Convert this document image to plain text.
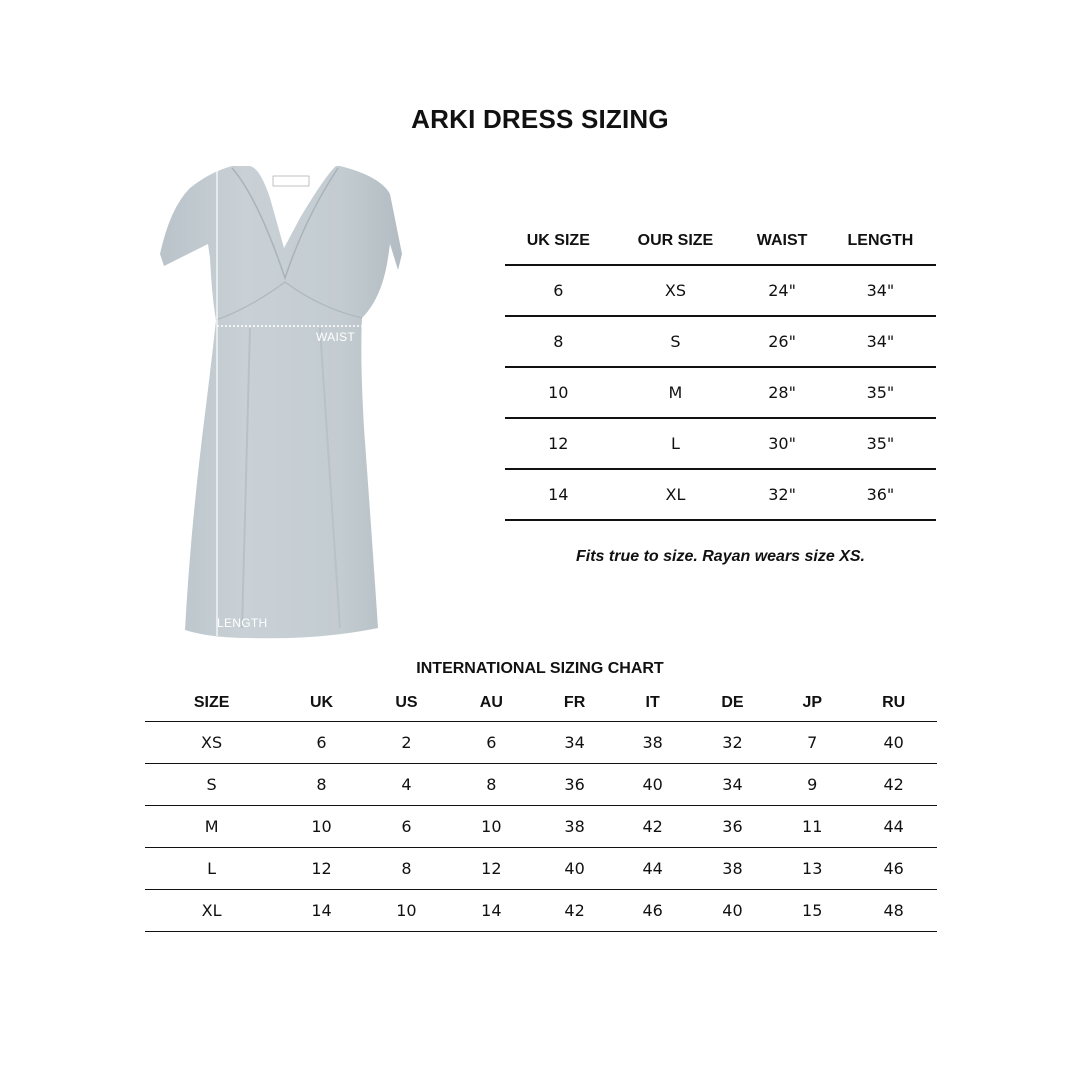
ARKI DRESS SIZING
WAIST
LENGTH
UK SIZE	OUR SIZE	WAIST	LENGTH
6	XS	24"	34"
8	S	26"	34"
10	M	28"	35"
12	L	30"	35"
14	XL	32"	36"
Fits true to size. Rayan wears size XS.
INTERNATIONAL SIZING CHART
SIZE	UK	US	AU	FR	IT	DE	JP	RU
XS	6	2	6	34	38	32	7	40
S	8	4	8	36	40	34	9	42
M	10	6	10	38	42	36	11	44
L	12	8	12	40	44	38	13	46
XL	14	10	14	42	46	40	15	48
